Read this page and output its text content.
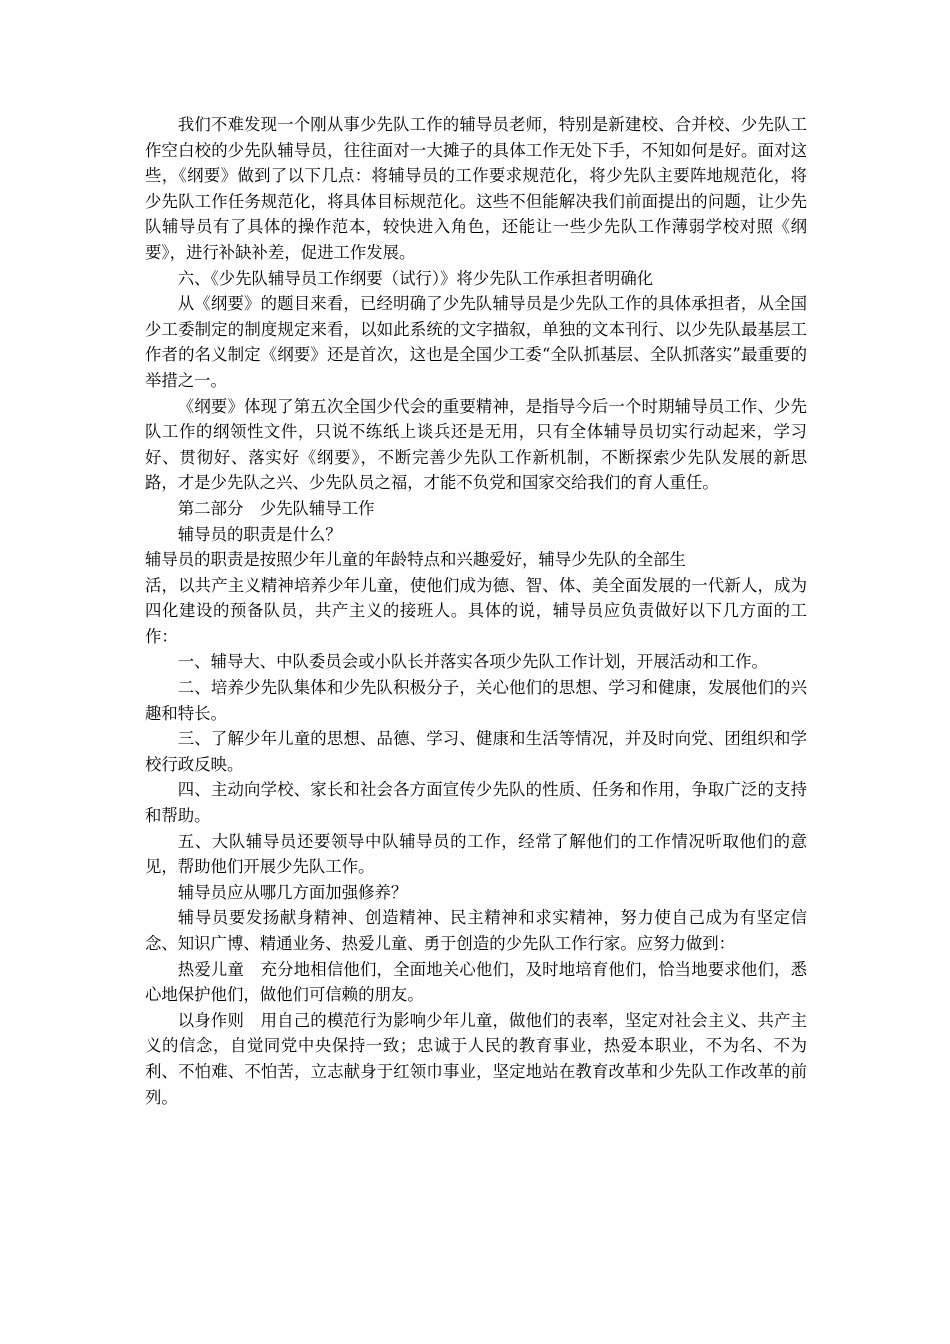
我们不难发现一个刚从事少先队工作的辅导员老师，特别是新建校、合并校、少先队工作空白校的少先队辅导员，往往面对一大摊子的具体工作无处下手，不知如何是好。面对这些，《纲要》做到了以下几点：将辅导员的工作要求规范化，将少先队主要阵地规范化，将少先队工作任务规范化，将具体目标规范化。这些不但能解决我们前面提出的问题，让少先队辅导员有了具体的操作范本，较快进入角色，还能让一些少先队工作薄弱学校对照《纲要》，进行补缺补差，促进工作发展。

六、《少先队辅导员工作纲要（试行）》将少先队工作承担者明确化

从《纲要》的题目来看，已经明确了少先队辅导员是少先队工作的具体承担者，从全国少工委制定的制度规定来看，以如此系统的文字描叙，单独的文本刊行、以少先队最基层工作者的名义制定《纲要》还是首次，这也是全国少工委“全队抓基层、全队抓落实”最重要的举措之一。

《纲要》体现了第五次全国少代会的重要精神，是指导今后一个时期辅导员工作、少先队工作的纲领性文件，只说不练纸上谈兵还是无用，只有全体辅导员切实行动起来，学习好、贯彻好、落实好《纲要》，不断完善少先队工作新机制，不断探索少先队发展的新思路，才是少先队之兴、少先队员之福，才能不负党和国家交给我们的育人重任。

第二部分　少先队辅导工作

辅导员的职责是什么？

辅导员的职责是按照少年儿童的年龄特点和兴趣爱好，辅导少先队的全部生

活，以共产主义精神培养少年儿童，使他们成为德、智、体、美全面发展的一代新人，成为四化建设的预备队员，共产主义的接班人。具体的说，辅导员应负责做好以下几方面的工作：

一、辅导大、中队委员会或小队长并落实各项少先队工作计划，开展活动和工作。

二、培养少先队集体和少先队积极分子，关心他们的思想、学习和健康，发展他们的兴趣和特长。

三、了解少年儿童的思想、品德、学习、健康和生活等情况，并及时向党、团组织和学校行政反映。

四、主动向学校、家长和社会各方面宣传少先队的性质、任务和作用，争取广泛的支持和帮助。

五、大队辅导员还要领导中队辅导员的工作，经常了解他们的工作情况听取他们的意见，帮助他们开展少先队工作。

辅导员应从哪几方面加强修养？

辅导员要发扬献身精神、创造精神、民主精神和求实精神，努力使自己成为有坚定信念、知识广博、精通业务、热爱儿童、勇于创造的少先队工作行家。应努力做到：

热爱儿童　充分地相信他们，全面地关心他们，及时地培育他们，恰当地要求他们，悉心地保护他们，做他们可信赖的朋友。

以身作则　用自己的模范行为影响少年儿童，做他们的表率，坚定对社会主义、共产主义的信念，自觉同党中央保持一致；忠诚于人民的教育事业，热爱本职业，不为名、不为利、不怕难、不怕苦，立志献身于红领巾事业，坚定地站在教育改革和少先队工作改革的前列。
